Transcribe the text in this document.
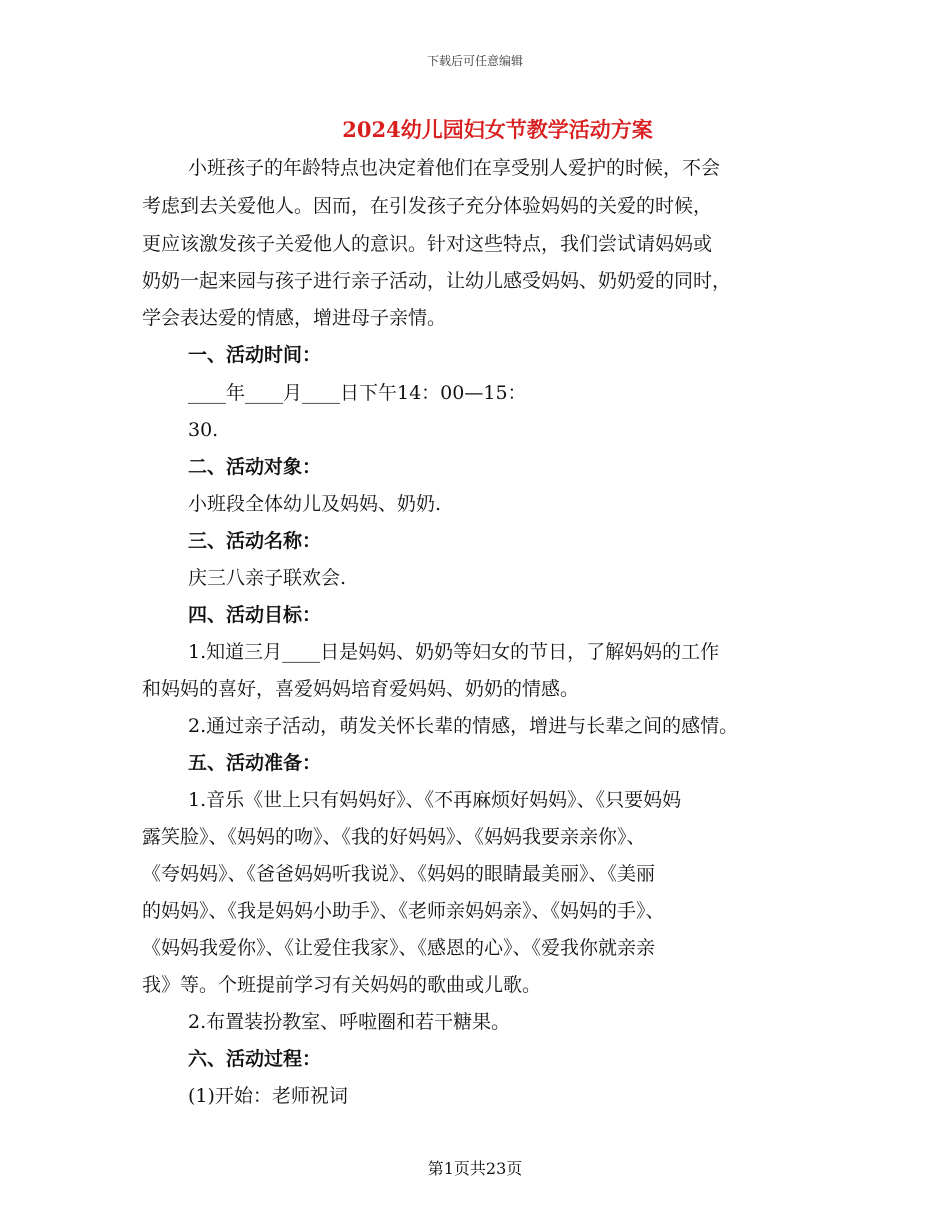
下载后可任意编辑
2024幼儿园妇女节教学活动方案

小班孩子的年龄特点也决定着他们在享受别人爱护的时候，不会

考虑到去关爱他人。因而，在引发孩子充分体验妈妈的关爱的时候，

更应该激发孩子关爱他人的意识。针对这些特点，我们尝试请妈妈或

奶奶一起来园与孩子进行亲子活动，让幼儿感受妈妈、奶奶爱的同时，

学会表达爱的情感，增进母子亲情。

一、活动时间：

____年____月____日下午14：00—15：

30.

二、活动对象：

小班段全体幼儿及妈妈、奶奶.

三、活动名称：

庆三八亲子联欢会.

四、活动目标：

1.知道三月____日是妈妈、奶奶等妇女的节日，了解妈妈的工作

和妈妈的喜好，喜爱妈妈培育爱妈妈、奶奶的情感。

2.通过亲子活动，萌发关怀长辈的情感，增进与长辈之间的感情。

五、活动准备：

1.音乐《世上只有妈妈好》、《不再麻烦好妈妈》、《只要妈妈

露笑脸》、《妈妈的吻》、《我的好妈妈》、《妈妈我要亲亲你》、

《夸妈妈》、《爸爸妈妈听我说》、《妈妈的眼睛最美丽》、《美丽

的妈妈》、《我是妈妈小助手》、《老师亲妈妈亲》、《妈妈的手》、

《妈妈我爱你》、《让爱住我家》、《感恩的心》、《爱我你就亲亲

我》等。个班提前学习有关妈妈的歌曲或儿歌。

2.布置装扮教室、呼啦圈和若干糖果。

六、活动过程：

(1)开始：老师祝词

第1页共23页
